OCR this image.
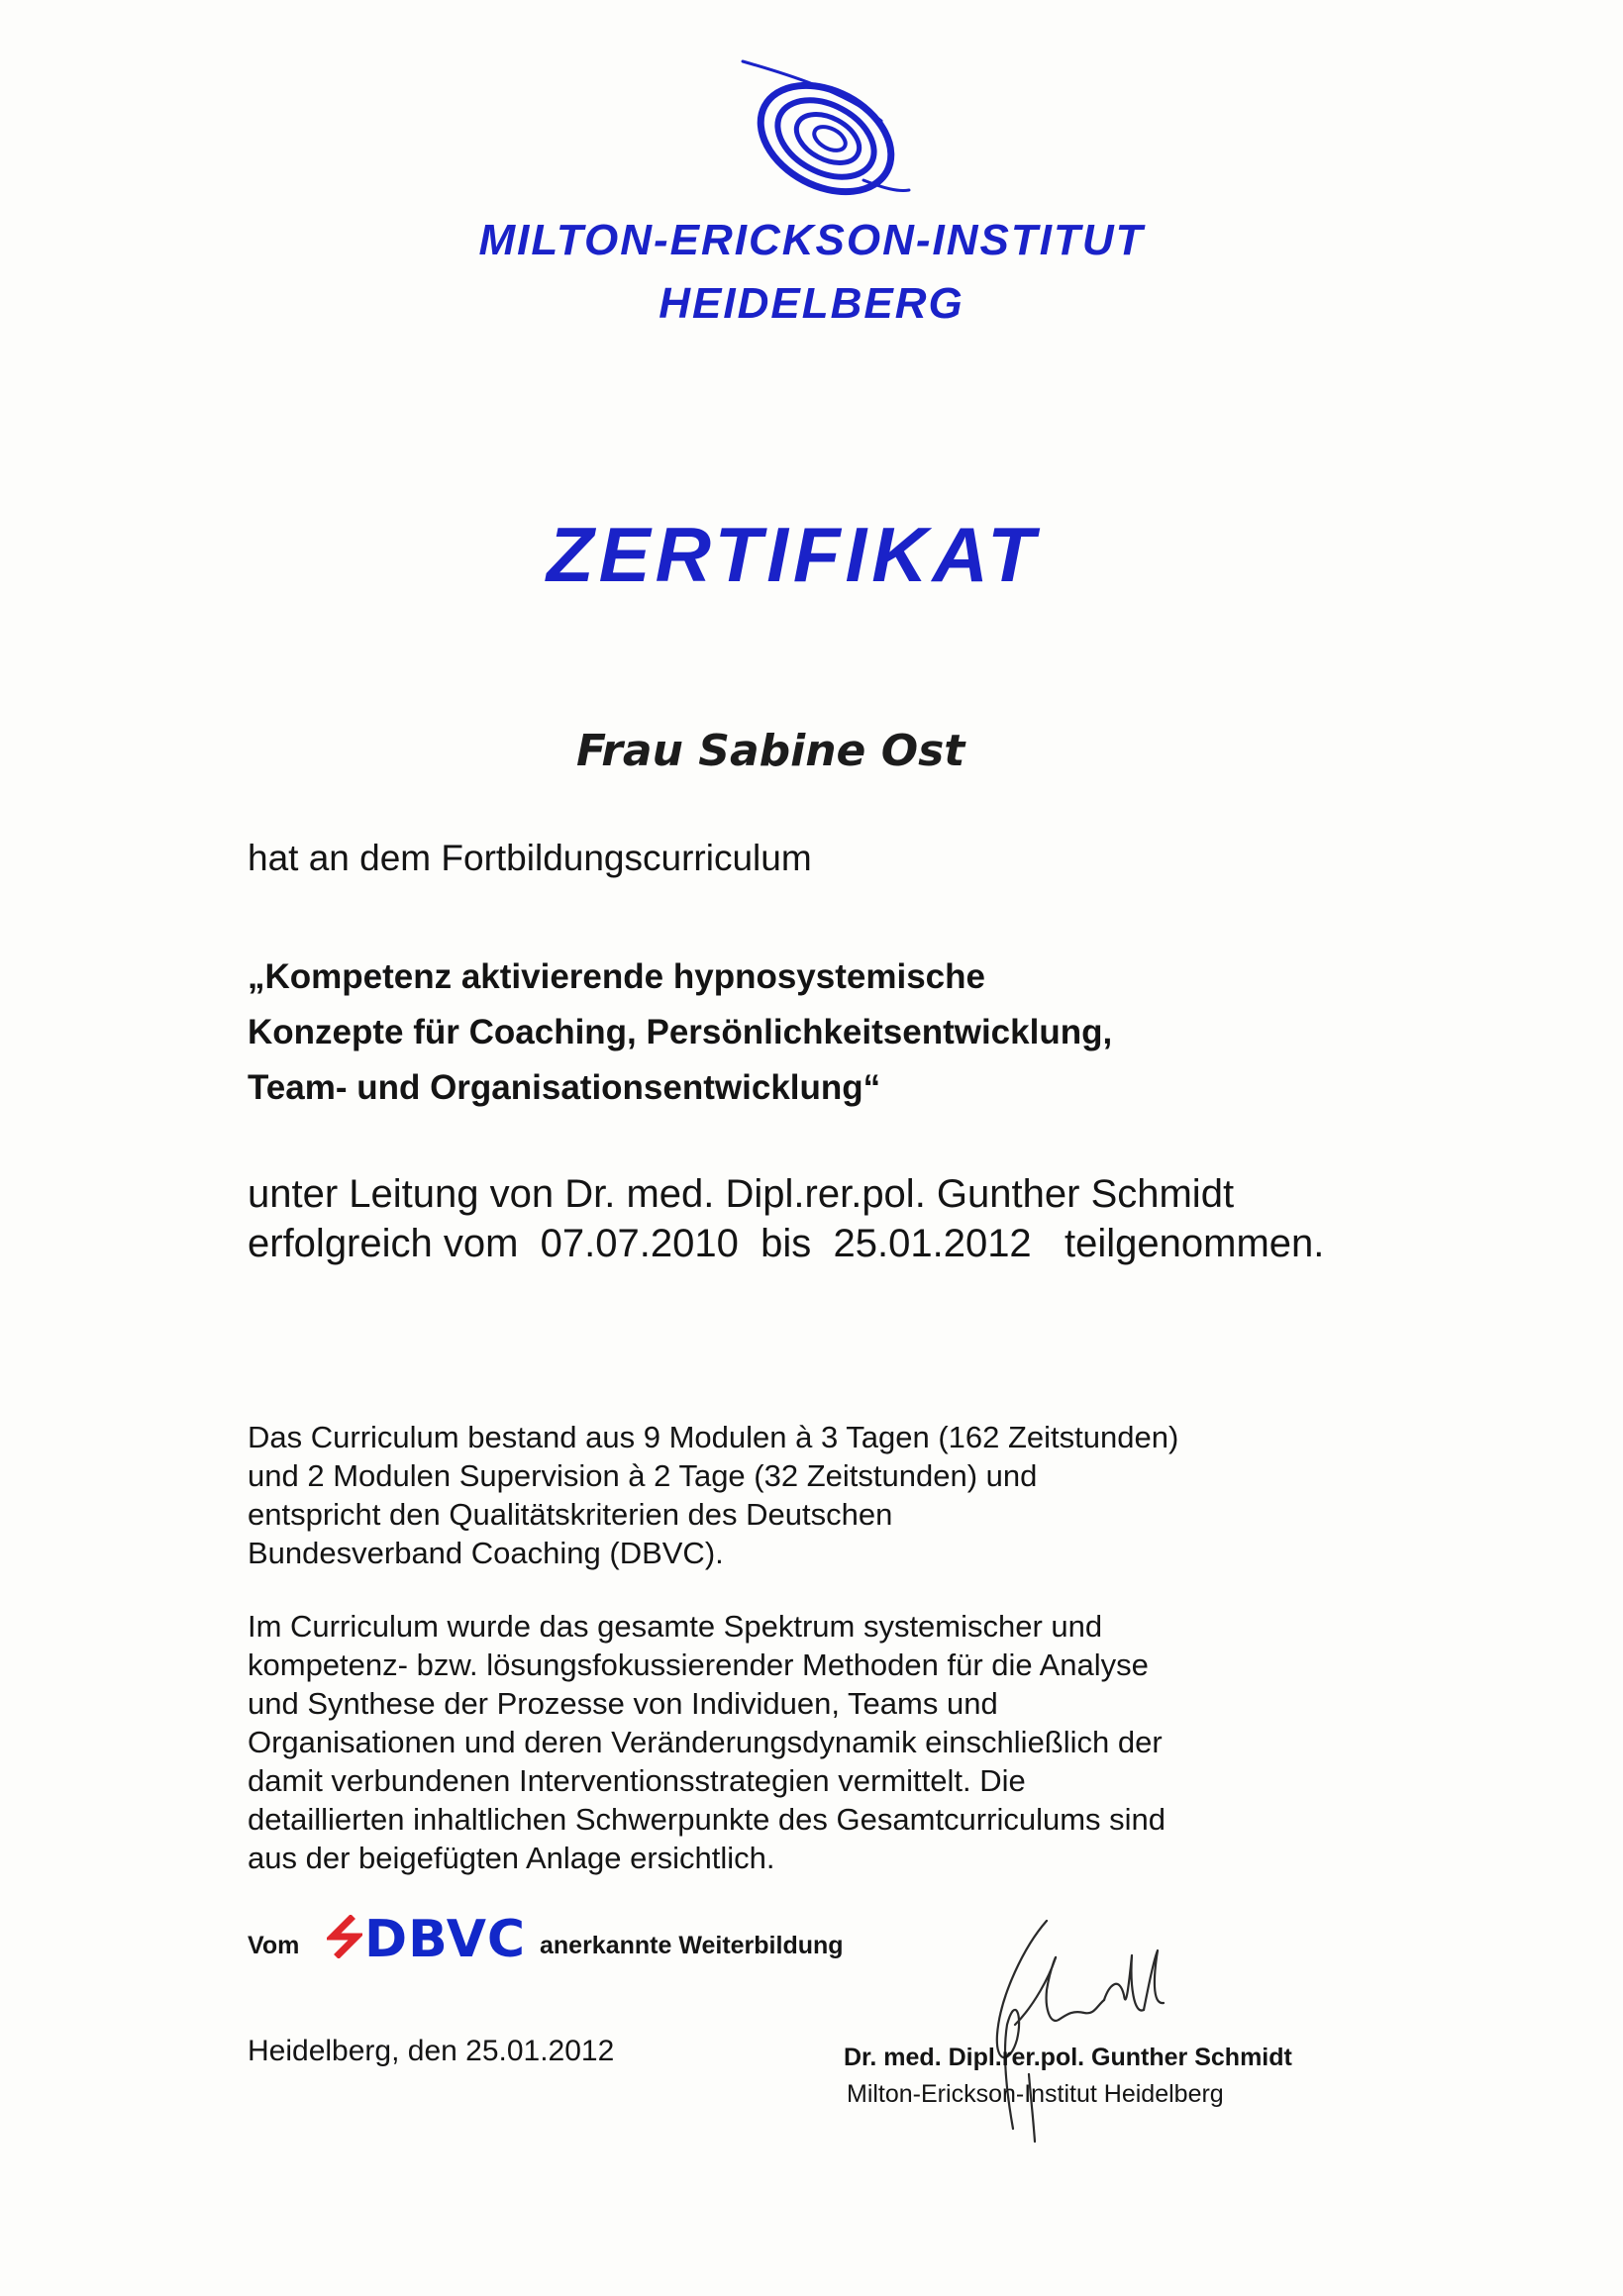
MILTON-ERICKSON-INSTITUT
HEIDELBERG
ZERTIFIKAT
Frau Sabine Ost
hat an dem Fortbildungscurriculum
„Kompetenz aktivierende hypnosystemische
Konzepte für Coaching, Persönlichkeitsentwicklung,
Team- und Organisationsentwicklung“
unter Leitung von Dr. med. Dipl.rer.pol. Gunther Schmidt
erfolgreich vom 07.07.2010 bis 25.01.2012 teilgenommen.
Das Curriculum bestand aus 9 Modulen à 3 Tagen (162 Zeitstunden)
und 2 Modulen Supervision à 2 Tage (32 Zeitstunden) und
entspricht den Qualitätskriterien des Deutschen
Bundesverband Coaching (DBVC).
Im Curriculum wurde das gesamte Spektrum systemischer und
kompetenz- bzw. lösungsfokussierender Methoden für die Analyse
und Synthese der Prozesse von Individuen, Teams und
Organisationen und deren Veränderungsdynamik einschließlich der
damit verbundenen Interventionsstrategien vermittelt. Die
detaillierten inhaltlichen Schwerpunkte des Gesamtcurriculums sind
aus der beigefügten Anlage ersichtlich.
Vom DBVC anerkannte Weiterbildung
Heidelberg, den 25.01.2012	Dr. med. Dipl.rer.pol. Gunther Schmidt
Milton-Erickson-Institut Heidelberg
